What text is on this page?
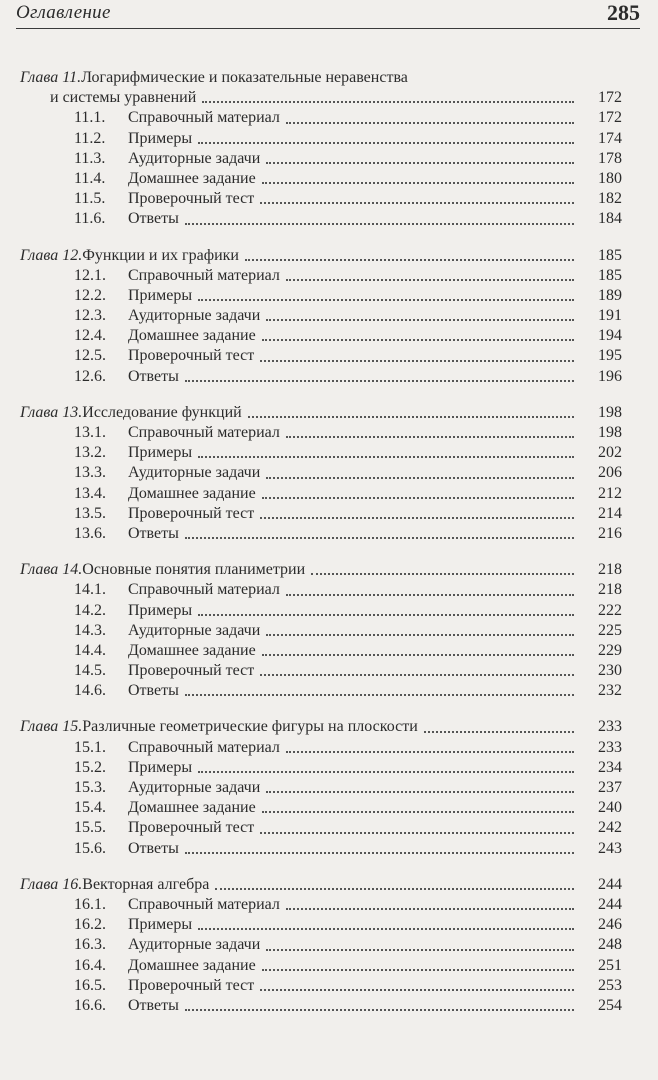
Оглавление	285
Глава 11.Логарифмические и показательные неравенства
и системы уравнений	172
11.1.	Справочный материал	172
11.2.	Примеры	174
11.3.	Аудиторные задачи	178
11.4.	Домашнее задание	180
11.5.	Проверочный тест	182
11.6.	Ответы	184
Глава 12.Функции и их графики	185
12.1.	Справочный материал	185
12.2.	Примеры	189
12.3.	Аудиторные задачи	191
12.4.	Домашнее задание	194
12.5.	Проверочный тест	195
12.6.	Ответы	196
Глава 13.Исследование функций	198
13.1.	Справочный материал	198
13.2.	Примеры	202
13.3.	Аудиторные задачи	206
13.4.	Домашнее задание	212
13.5.	Проверочный тест	214
13.6.	Ответы	216
Глава 14.Основные понятия планиметрии	218
14.1.	Справочный материал	218
14.2.	Примеры	222
14.3.	Аудиторные задачи	225
14.4.	Домашнее задание	229
14.5.	Проверочный тест	230
14.6.	Ответы	232
Глава 15.Различные геометрические фигуры на плоскости	233
15.1.	Справочный материал	233
15.2.	Примеры	234
15.3.	Аудиторные задачи	237
15.4.	Домашнее задание	240
15.5.	Проверочный тест	242
15.6.	Ответы	243
Глава 16.Векторная алгебра	244
16.1.	Справочный материал	244
16.2.	Примеры	246
16.3.	Аудиторные задачи	248
16.4.	Домашнее задание	251
16.5.	Проверочный тест	253
16.6.	Ответы	254
